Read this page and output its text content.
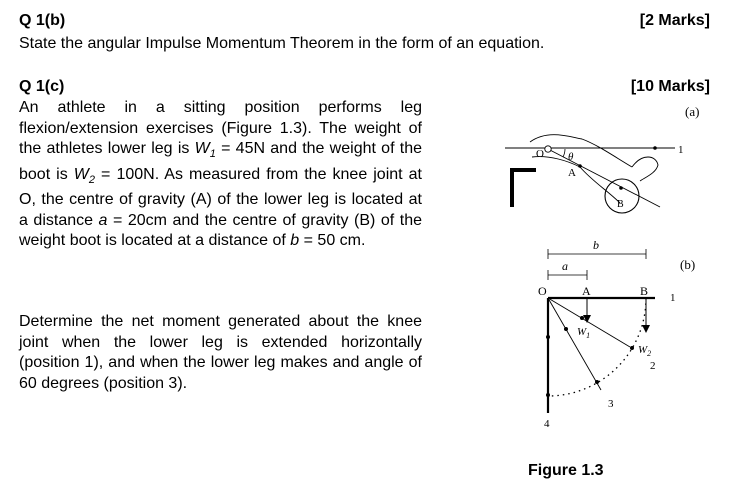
Q 1(b)	[2 Marks]
State the angular Impulse Momentum Theorem in the form of an equation.
Q 1(c)	[10 Marks]
An athlete in a sitting position performs leg flexion/extension exercises (Figure 1.3). The weight of the athletes lower leg is $W_1 = 45N$ and the weight of the boot is $W_2 = 100N$. As measured from the knee joint at O, the centre of gravity (A) of the lower leg is located at a distance a = 20cm and the centre of gravity (B) of the weight boot is located at a distance of b = 50 cm.
Determine the net moment generated about the knee joint when the lower leg is extended horizontally (position 1), and when the lower leg makes and angle of 60 degrees (position 3).
(a)
1
O θ
A
B
(b)
b
a
O	A	B 1
4
2
3
$W_1$
$W_2$
Figure 1.3
